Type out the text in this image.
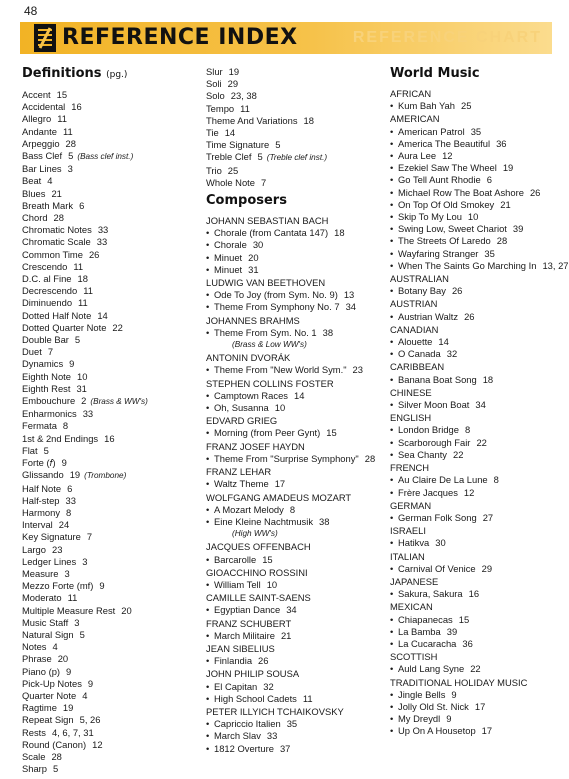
48
REFERENCE INDEX	REFERENCE CHART
Definitions (pg.)
Accent 15
Accidental 16
Allegro 11
Andante 11
Arpeggio 28
Bass Clef 5 (Bass clef inst.)
Bar Lines 3
Beat 4
Blues 21
Breath Mark 6
Chord 28
Chromatic Notes 33
Chromatic Scale 33
Common Time 26
Crescendo 11
D.C. al Fine 18
Decrescendo 11
Diminuendo 11
Dotted Half Note 14
Dotted Quarter Note 22
Double Bar 5
Duet 7
Dynamics 9
Eighth Note 10
Eighth Rest 31
Embouchure 2 (Brass & WW's)
Enharmonics 33
Fermata 8
1st & 2nd Endings 16
Flat 5
Forte (𝑓) 9
Glissando 19 (Trombone)
Half Note 6
Half-step 33
Harmony 8
Interval 24
Key Signature 7
Largo 23
Ledger Lines 3
Measure 3
Mezzo Forte (mf) 9
Moderato 11
Multiple Measure Rest 20
Music Staff 3
Natural Sign 5
Notes 4
Phrase 20
Piano (p) 9
Pick-Up Notes 9
Quarter Note 4
Ragtime 19
Repeat Sign 5, 26
Rests 4, 6, 7, 31
Round (Canon) 12
Scale 28
Sharp 5
Slur 19
Soli 29
Solo 23, 38
Tempo 11
Theme And Variations 18
Tie 14
Time Signature 5
Treble Clef 5 (Treble clef inst.)
Trio 25
Whole Note 7
Composers
JOHANN SEBASTIAN BACH
• Chorale (from Cantata 147) 18
• Chorale 30
• Minuet 20
• Minuet 31
LUDWIG VAN BEETHOVEN
• Ode To Joy (from Sym. No. 9) 13
• Theme From Symphony No. 7 34
JOHANNES BRAHMS
• Theme From Sym. No. 1 38
(Brass & Low WW's)
ANTONIN DVORÁK
• Theme From "New World Sym." 23
STEPHEN COLLINS FOSTER
• Camptown Races 14
• Oh, Susanna 10
EDVARD GRIEG
• Morning (from Peer Gynt) 15
FRANZ JOSEF HAYDN
• Theme From "Surprise Symphony" 28
FRANZ LEHAR
• Waltz Theme 17
WOLFGANG AMADEUS MOZART
• A Mozart Melody 8
• Eine Kleine Nachtmusik 38
(High WW's)
JACQUES OFFENBACH
• Barcarolle 15
GIOACCHINO ROSSINI
• William Tell 10
CAMILLE SAINT-SAENS
• Egyptian Dance 34
FRANZ SCHUBERT
• March Militaire 21
JEAN SIBELIUS
• Finlandia 26
JOHN PHILIP SOUSA
• El Capitan 32
• High School Cadets 11
PETER ILLYICH TCHAIKOVSKY
• Capriccio Italien 35
• March Slav 33
• 1812 Overture 37
World Music
AFRICAN
• Kum Bah Yah 25
AMERICAN
• American Patrol 35
• America The Beautiful 36
• Aura Lee 12
• Ezekiel Saw The Wheel 19
• Go Tell Aunt Rhodie 6
• Michael Row The Boat Ashore 26
• On Top Of Old Smokey 21
• Skip To My Lou 10
• Swing Low, Sweet Chariot 39
• The Streets Of Laredo 28
• Wayfaring Stranger 35
• When The Saints Go Marching In 13, 27
AUSTRALIAN
• Botany Bay 26
AUSTRIAN
• Austrian Waltz 26
CANADIAN
• Alouette 14
• O Canada 32
CARIBBEAN
• Banana Boat Song 18
CHINESE
• Silver Moon Boat 34
ENGLISH
• London Bridge 8
• Scarborough Fair 22
• Sea Chanty 22
FRENCH
• Au Claire De La Lune 8
• Frère Jacques 12
GERMAN
• German Folk Song 27
ISRAELI
• Hatikva 30
ITALIAN
• Carnival Of Venice 29
JAPANESE
• Sakura, Sakura 16
MEXICAN
• Chiapanecas 15
• La Bamba 39
• La Cucaracha 36
SCOTTISH
• Auld Lang Syne 22
TRADITIONAL HOLIDAY MUSIC
• Jingle Bells 9
• Jolly Old St. Nick 17
• My Dreydl 9
• Up On A Housetop 17
